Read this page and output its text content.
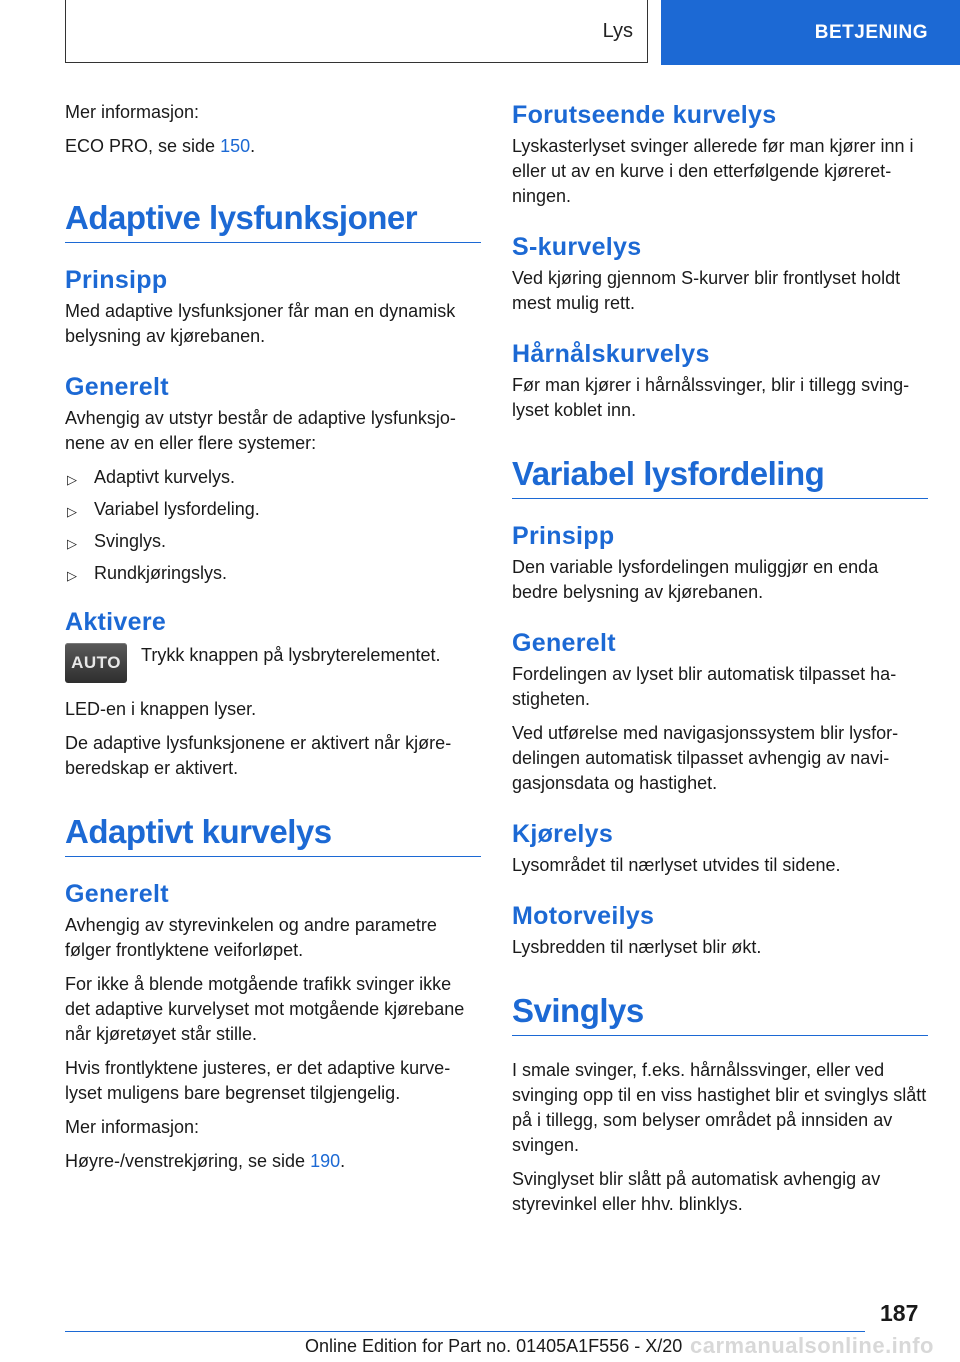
Lys	BETJENING

Mer informasjon:

ECO PRO, se side 150.

Adaptive lysfunksjoner
Prinsipp

Med adaptive lysfunksjoner får man en dynamisk belysning av kjørebanen.

Generelt

Avhengig av utstyr består de adaptive lysfunksjonene av en eller flere systemer:

▷ Adaptivt kurvelys.
▷ Variabel lysfordeling.
▷ Svinglys.
▷ Rundkjøringslys.
Aktivere
AUTO Trykk knappen på lysbryterelementet.

LED-en i knappen lyser.

De adaptive lysfunksjonene er aktivert når kjøreberedskap er aktivert.

Adaptivt kurvelys
Generelt

Avhengig av styrevinkelen og andre parametre følger frontlyktene veiforløpet.

For ikke å blende motgående trafikk svinger ikke det adaptive kurvelyset mot motgående kjørebane når kjøretøyet står stille.

Hvis frontlyktene justeres, er det adaptive kurvelyset muligens bare begrenset tilgjengelig.

Mer informasjon:

Høyre-/venstrekjøring, se side 190.

Forutseende kurvelys

Lyskasterlyset svinger allerede før man kjører inn i eller ut av en kurve i den etterfølgende kjøreretningen.

S-kurvelys

Ved kjøring gjennom S-kurver blir frontlyset holdt mest mulig rett.

Hårnålskurvelys

Før man kjører i hårnålssvinger, blir i tillegg svinglyset koblet inn.

Variabel lysfordeling
Prinsipp

Den variable lysfordelingen muliggjør en enda bedre belysning av kjørebanen.

Generelt

Fordelingen av lyset blir automatisk tilpasset hastigheten.

Ved utførelse med navigasjonssystem blir lysfordelingen automatisk tilpasset avhengig av navigasjonsdata og hastighet.

Kjørelys

Lysområdet til nærlyset utvides til sidene.

Motorveilys

Lysbredden til nærlyset blir økt.

Svinglys

I smale svinger, f.eks. hårnålssvinger, eller ved svinging opp til en viss hastighet blir et svinglys slått på i tillegg, som belyser området på innsiden av svingen.

Svinglyset blir slått på automatisk avhengig av styrevinkel eller hhv. blinklys.

187
Online Edition for Part no. 01405A1F556 - X/20 carmanualsonline.info
